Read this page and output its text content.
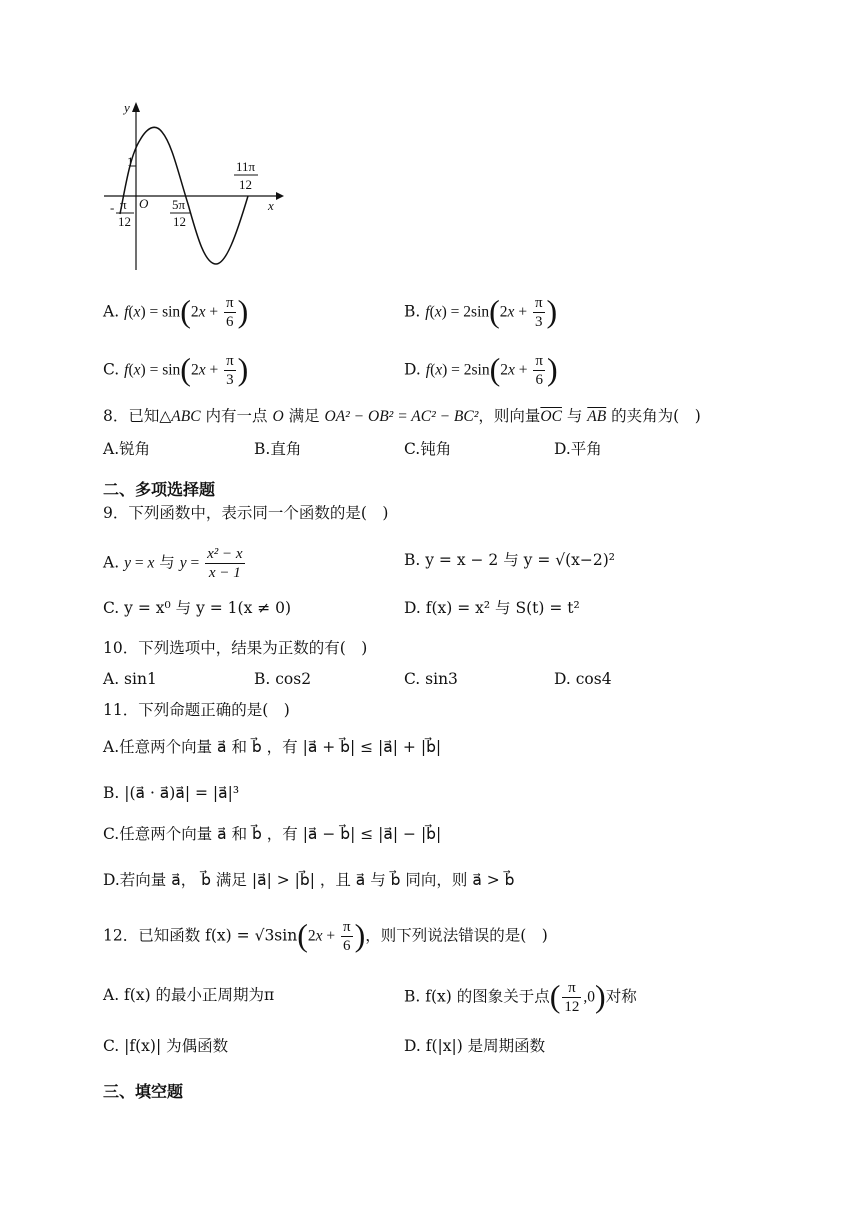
y
x
O
1
- π
12
5π
12
11π
12
A. $f(x) = \sin(2x + \frac{\pi}{6}$ )	B. $f(x) = 2\sin(2x + \frac{\pi}{3}$ )
C. $f(x) = \sin(2x + \frac{\pi}{3}$ )	D. $f(x) = 2\sin(2x + \frac{\pi}{6}$ )
8．已知△ABC 内有一点 O 满足 OA² − OB² = AC² − BC²，则向量$\overline{OC}$ 与 $\overline{AB}$ 的夹角为(　)
A.锐角	B.直角	C.钝角	D.平角
二、多项选择题
9．下列函数中，表示同一个函数的是(　)
A. y = x 与 $y = \frac{\text{x² − x}}{x - 1}$	B. y = x − 2 与 y = √(x−2)²
C. y = x⁰ 与 y = 1(x ≠ 0)	D. f(x) = x² 与 S(t) = t²
10．下列选项中，结果为正数的有(　)
A. sin1	B. cos2	C. sin3	D. cos4
11．下列命题正确的是(　)
A.任意两个向量 a⃗ 和 b⃗ ，有 |a⃗ + b⃗| ≤ |a⃗| + |b⃗|
B. |(a⃗ · a⃗)a⃗| = |a⃗|³
C.任意两个向量 a⃗ 和 b⃗ ，有 |a⃗ − b⃗| ≤ |a⃗| − |b⃗|
D.若向量 a⃗， b⃗ 满足 |a⃗| > |b⃗| ，且 a⃗ 与 b⃗ 同向，则 a⃗ > b⃗
12．已知函数 $f(x) = √3\sin(2x + \frac{\pi}{6}$ )，则下列说法错误的是(　)
A. f(x) 的最小正周期为π	B. f(x) 的图象关于点( $\frac{\pi}{12} ,0$)对称
C. |f(x)| 为偶函数	D. f(|x|) 是周期函数
三、填空题
